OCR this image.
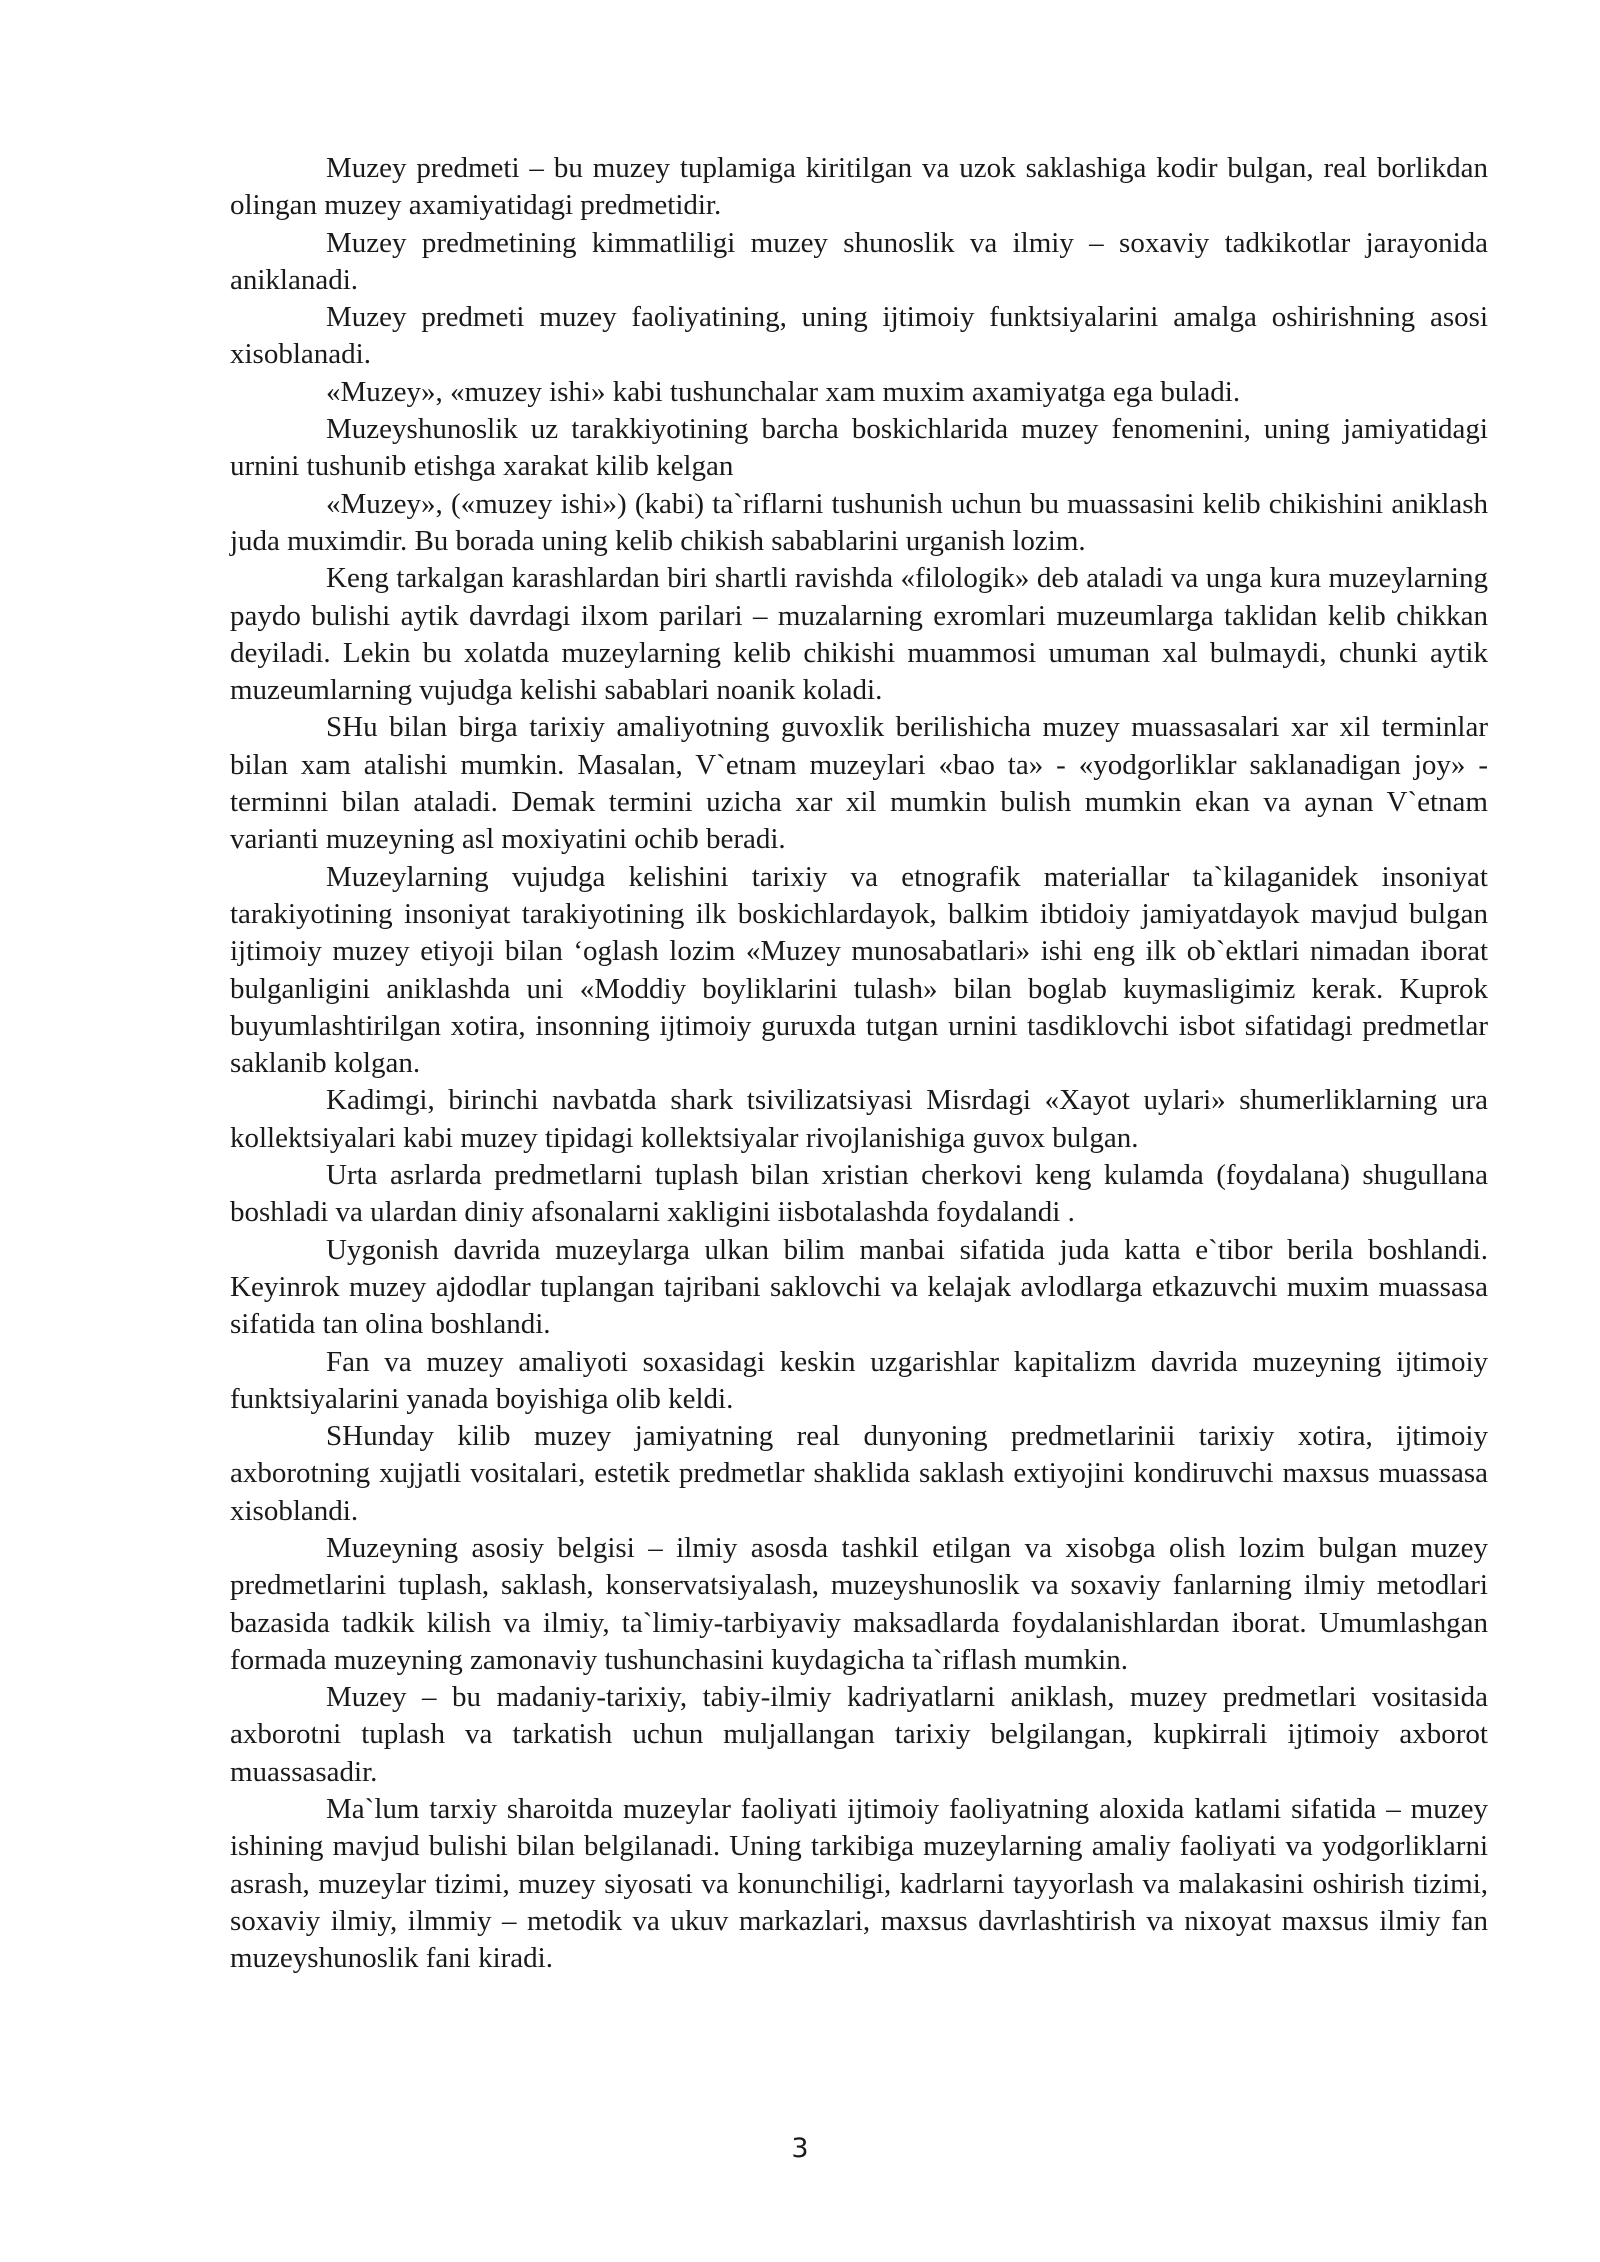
Muzey predmeti – bu muzey tuplamiga kiritilgan va uzok saklashiga kodir bulgan, real borlikdan olingan muzey axamiyatidagi predmetidir.

Muzey predmetining kimmatliligi muzey shunoslik va ilmiy – soxaviy tadkikotlar jarayonida aniklanadi.

Muzey predmeti muzey faoliyatining, uning ijtimoiy funktsiyalarini amalga oshirishning asosi xisoblanadi.

«Muzey», «muzey ishi» kabi tushunchalar xam muxim axamiyatga ega buladi.

Muzeyshunoslik uz tarakkiyotining barcha boskichlarida muzey fenomenini, uning jamiyatidagi urnini tushunib etishga xarakat kilib kelgan

«Muzey», («muzey ishi») (kabi) ta`riflarni tushunish uchun bu muassasini kelib chikishini aniklash juda muximdir. Bu borada uning kelib chikish sabablarini urganish lozim.

Keng tarkalgan karashlardan biri shartli ravishda «filologik» deb ataladi va unga kura muzeylarning paydo bulishi aytik davrdagi ilxom parilari – muzalarning exromlari muzeumlarga taklidan kelib chikkan deyiladi. Lekin bu xolatda muzeylarning kelib chikishi muammosi umuman xal bulmaydi, chunki aytik muzeumlarning vujudga kelishi sabablari noanik koladi.

SHu bilan birga tarixiy amaliyotning guvoxlik berilishicha muzey muassasalari xar xil terminlar bilan xam atalishi mumkin. Masalan, V`etnam muzeylari «bao ta» - «yodgorliklar saklanadigan joy» - terminni bilan ataladi. Demak termini uzicha xar xil mumkin bulish mumkin ekan va aynan V`etnam varianti muzeyning asl moxiyatini ochib beradi.

Muzeylarning vujudga kelishini tarixiy va etnografik materiallar ta`kilaganidek insoniyat tarakiyotining insoniyat tarakiyotining ilk boskichlardayok, balkim ibtidoiy jamiyatdayok mavjud bulgan ijtimoiy muzey etiyoji bilan ‘oglash lozim «Muzey munosabatlari» ishi eng ilk ob`ektlari nimadan iborat bulganligini aniklashda uni «Moddiy boyliklarini tulash» bilan boglab kuymasligimiz kerak. Kuprok buyumlashtirilgan xotira, insonning ijtimoiy guruxda tutgan urnini tasdiklovchi isbot sifatidagi predmetlar saklanib kolgan.

Kadimgi, birinchi navbatda shark tsivilizatsiyasi Misrdagi «Xayot uylari» shumerliklarning ura kollektsiyalari kabi muzey tipidagi kollektsiyalar rivojlanishiga guvox bulgan.

Urta asrlarda predmetlarni tuplash bilan xristian cherkovi keng kulamda (foydalana) shugullana boshladi va ulardan diniy afsonalarni xakligini iisbotalashda foydalandi .

Uygonish davrida muzeylarga ulkan bilim manbai sifatida juda katta e`tibor berila boshlandi. Keyinrok muzey ajdodlar tuplangan tajribani saklovchi va kelajak avlodlarga etkazuvchi muxim muassasa sifatida tan olina boshlandi.

Fan va muzey amaliyoti soxasidagi keskin uzgarishlar kapitalizm davrida muzeyning ijtimoiy funktsiyalarini yanada boyishiga olib keldi.

SHunday kilib muzey jamiyatning real dunyoning predmetlarinii tarixiy xotira, ijtimoiy axborotning xujjatli vositalari, estetik predmetlar shaklida saklash extiyojini kondiruvchi maxsus muassasa xisoblandi.

Muzeyning asosiy belgisi – ilmiy asosda tashkil etilgan va xisobga olish lozim bulgan muzey predmetlarini tuplash, saklash, konservatsiyalash, muzeyshunoslik va soxaviy fanlarning ilmiy metodlari bazasida tadkik kilish va ilmiy, ta`limiy-tarbiyaviy maksadlarda foydalanishlardan iborat. Umumlashgan formada muzeyning zamonaviy tushunchasini kuydagicha ta`riflash mumkin.

Muzey – bu madaniy-tarixiy, tabiy-ilmiy kadriyatlarni aniklash, muzey predmetlari vositasida axborotni tuplash va tarkatish uchun muljallangan tarixiy belgilangan, kupkirrali ijtimoiy axborot muassasadir.

Ma`lum tarxiy sharoitda muzeylar faoliyati ijtimoiy faoliyatning aloxida katlami sifatida – muzey ishining mavjud bulishi bilan belgilanadi. Uning tarkibiga muzeylarning amaliy faoliyati va yodgorliklarni asrash, muzeylar tizimi, muzey siyosati va konunchiligi, kadrlarni tayyorlash va malakasini oshirish tizimi, soxaviy ilmiy, ilmmiy – metodik va ukuv markazlari, maxsus davrlashtirish va nixoyat maxsus ilmiy fan muzeyshunoslik fani kiradi.

3
